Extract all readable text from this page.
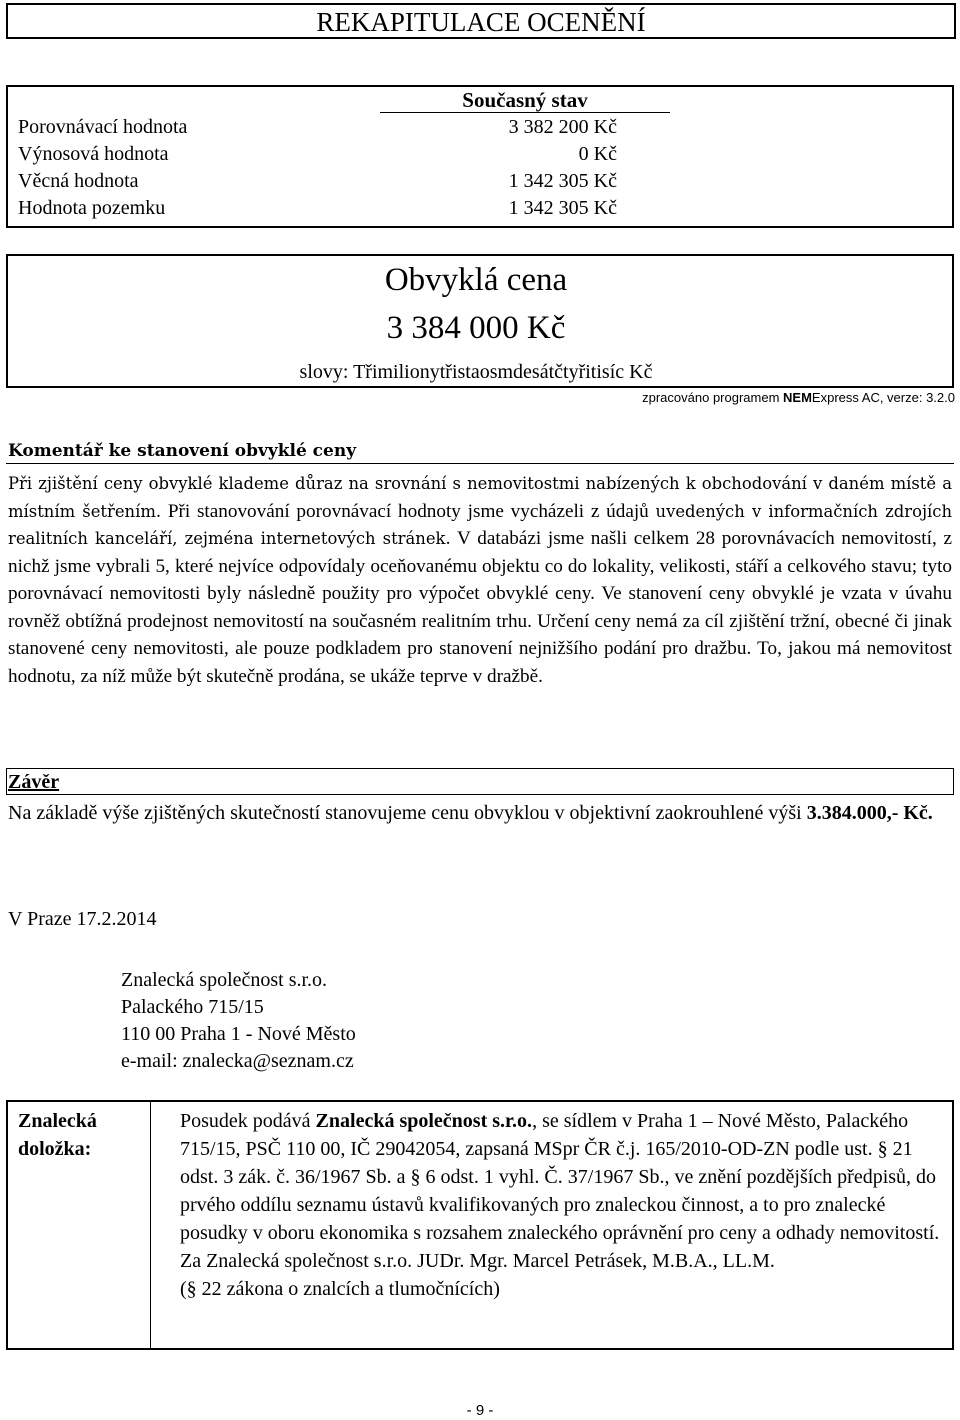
REKAPITULACE OCENĚNÍ
Současný stav
Porovnávací hodnota	3 382 200 Kč
Výnosová hodnota	0 Kč
Věcná hodnota	1 342 305 Kč
Hodnota pozemku	1 342 305 Kč
Obvyklá cena
3 384 000 Kč
slovy: Třimilionytřistaosmdesátčtyřitisíc Kč
zpracováno programem NEMExpress AC, verze: 3.2.0
Komentář ke stanovení obvyklé ceny
Při zjištění ceny obvyklé klademe důraz na srovnání s nemovitostmi nabízených k obchodování v daném místě a místním šetřením. Při stanovování porovnávací hodnoty jsme vycházeli z údajů uvedených v informačních zdrojích realitních kanceláří, zejména internetových stránek. V databázi jsme našli celkem 28 porovnávacích nemovitostí, z nichž jsme vybrali 5, které nejvíce odpovídaly oceňovanému objektu co do lokality, velikosti, stáří a celkového stavu; tyto porovnávací nemovitosti byly následně použity pro výpočet obvyklé ceny. Ve stanovení ceny obvyklé je vzata v úvahu rovněž obtížná prodejnost nemovitostí na současném realitním trhu. Určení ceny nemá za cíl zjištění tržní, obecné či jinak stanovené ceny nemovitosti, ale pouze podkladem pro stanovení nejnižšího podání pro dražbu. To, jakou má nemovitost hodnotu, za níž může být skutečně prodána, se ukáže teprve v dražbě.
Závěr
Na základě výše zjištěných skutečností stanovujeme cenu obvyklou v objektivní zaokrouhlené výši 3.384.000,- Kč.
V Praze 17.2.2014
Znalecká společnost s.r.o.
Palackého 715/15
110 00 Praha 1 - Nové Město
e-mail: znalecka@seznam.cz
Znalecká
doložka:
Posudek podává Znalecká společnost s.r.o., se sídlem v Praha 1 – Nové Město, Palackého 715/15, PSČ 110 00, IČ 29042054, zapsaná MSpr ČR č.j. 165/2010-OD-ZN podle ust. § 21 odst. 3 zák. č. 36/1967 Sb. a § 6 odst. 1 vyhl. Č. 37/1967 Sb., ve znění pozdějších předpisů, do prvého oddílu seznamu ústavů kvalifikovaných pro znaleckou činnost, a to pro znalecké posudky v oboru ekonomika s rozsahem znaleckého oprávnění pro ceny a odhady nemovitostí.
Za Znalecká společnost s.r.o. JUDr. Mgr. Marcel Petrásek, M.B.A., LL.M.
(§ 22 zákona o znalcích a tlumočnících)
- 9 -
